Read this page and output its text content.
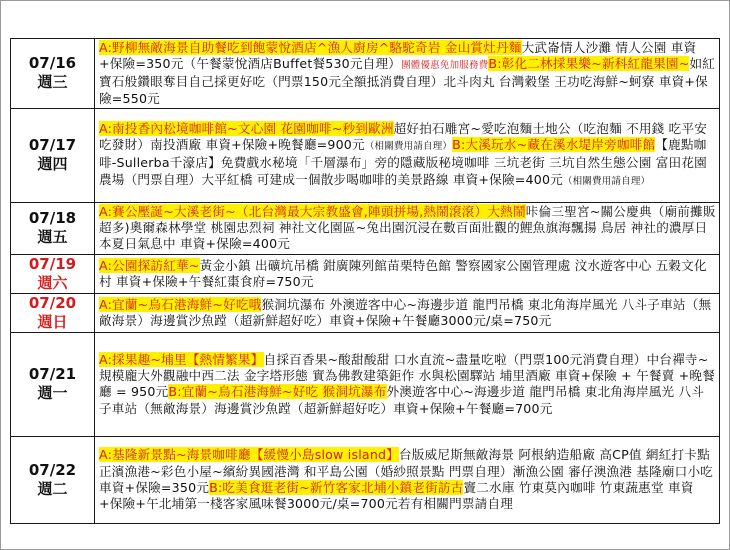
07/16
週三	A:野柳無敵海景自助餐吃到飽蒙悅酒店^漁人廚房^駱駝奇岩 金山賞灶丹麵大武崙情人沙灘 情人公園 車資+保險=350元（午餐蒙悅酒店Buffet餐530元自理）團體優惠免加服務費B:彰化二林採果樂~新科紅龍果園~如紅寶石般鑽眼奪目自己採更好吃（門票150元全額抵消費自理）北斗肉丸 台灣穀堡 王功吃海鮮~蚵寮 車資+保險=550元

07/17
週四	A:南投香內松境咖啡館~文心園 花園咖啡~秒到歐洲超好拍石雕宮~愛吃泡麵土地公（吃泡麵 不用錢 吃平安吃發財）南投酒廠 車資+保險+晚餐廳=900元（相關費用請自理）B:大溪玩水~藏在溪水堤岸旁咖啡館【鹿點咖啡-Sullerba千濠店】免費戲水秘境「千層瀑布」旁的隱藏版秘境咖啡 三坑老街 三坑自然生態公園 富田花園農場（門票自理）大平紅橋 可建成一個散步喝咖啡的美景路線 車資+保險=400元（相關費用請自理）

07/18
週五	A:賽公壓誕~大溪老街~（北台灣最大宗教盛會,陣頭拼場,熱鬧滾滾）大熱鬧咔倫三聖宮~關公慶典（廟前攤販超多)奧爾森林學堂 桃園忠烈祠 神社文化園區~兔出園沉浸在數百面壯觀的鯉魚旗海飄揚 鳥居 神社的濃厚日本夏日氣息中 車資+保險=400元

07/19
週六	A:公園探訪紅華~黃金小鎮 出礦坑吊橋 鉗廣陳列館苗栗特色館 警察國家公園管理處 汶水遊客中心 五穀文化村 車資+保險+午餐紅棗食府=750元

07/20
週日	A:宜蘭~烏石港海鮮~好吃哦猴洞坑瀑布 外澳遊客中心~海邊步道 龍門吊橋 東北角海岸風光 八斗子車站（無敵海景）海邊賞沙魚蹚（超新鮮超好吃）車資+保險+午餐廳3000元/桌=750元

07/21
週一	A:採果趣~埔里【熱情繁果】自採百香果~酸甜酸甜 口水直流~盡量吃啦（門票100元消費自理）中台禪寺~規模龐大外觀融中西二法 金字塔形態 實為佛教建築鉅作 水與松園驛站 埔里酒廠 車資+保險 + 午餐賣 +晚餐廳 = 950元B:宜蘭~烏石港海鮮~好吃 猴洞坑瀑布外澳遊客中心~海邊步道 龍門吊橋 東北角海岸風光 八斗子車站（無敵海景）海邊賞沙魚蹚（超新鮮超好吃）車資+保險+午餐廳=700元

07/22
週二	A:基隆新景點~海景咖啡廳【緩慢小島slow island】台版威尼斯無敵海景 阿根納造船廠 高CP值 網紅打卡點正濱漁港~彩色小屋~繽紛異國港灣 和平島公園（婚紗照景點 門票自理）漸漁公園 審仔澳漁港 基隆廟口小吃 車資+保險=350元B:吃美食逛老街~新竹客家北埔小鎮老街訪古竇二水庫 竹東莫內咖啡 竹東蔬惠堂 車資+保險+午北埔第一棧客家風味餐3000元/桌=700元若有相關門票請自理
